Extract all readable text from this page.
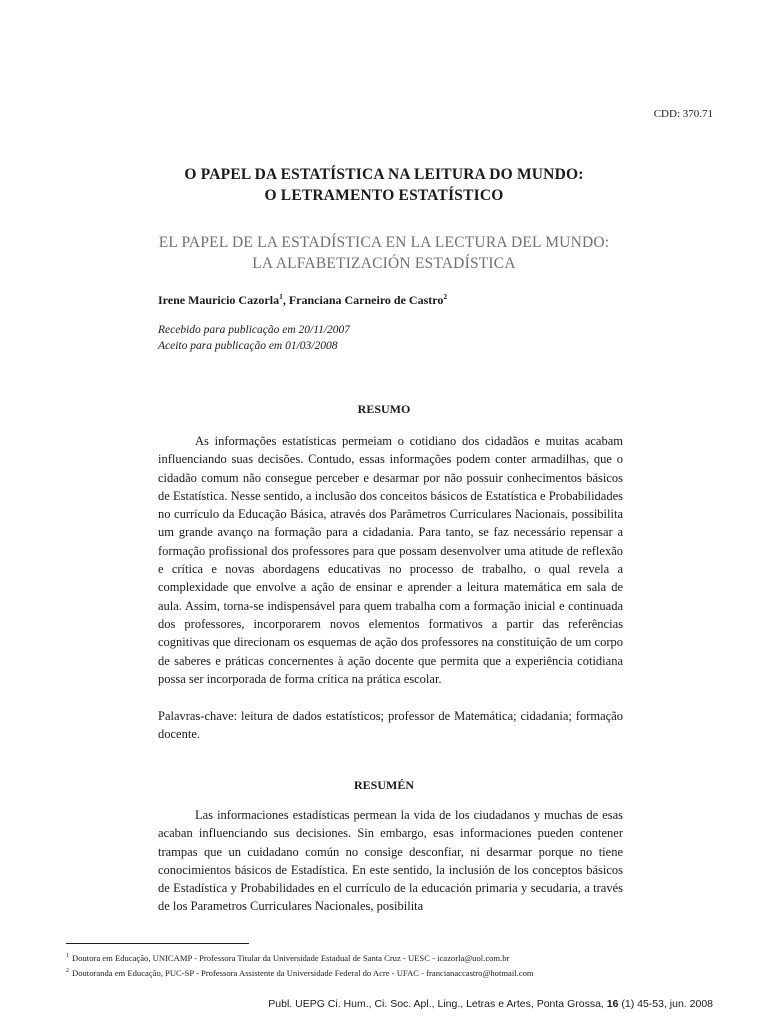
CDD: 370.71
O PAPEL DA ESTATÍSTICA NA LEITURA DO MUNDO:
O LETRAMENTO ESTATÍSTICO
EL PAPEL DE LA ESTADÍSTICA EN LA LECTURA DEL MUNDO:
LA ALFABETIZACIÓN ESTADÍSTICA
Irene Mauricio Cazorla$^1$, Franciana Carneiro de Castro$^2$
Recebido para publicação em 20/11/2007
Aceito para publicação em 01/03/2008
RESUMO

As informações estatísticas permeiam o cotidiano dos cidadãos e muitas acabam influenciando suas decisões. Contudo, essas informações podem conter armadilhas, que o cidadão comum não consegue perceber e desarmar por não possuir conhecimentos básicos de Estatística. Nesse sentido, a inclusão dos conceitos básicos de Estatística e Probabilidades no currículo da Educação Básica, através dos Parâmetros Curriculares Nacionais, possibilita um grande avanço na formação para a cidadania. Para tanto, se faz necessário repensar a formação profissional dos professores para que possam desenvolver uma atitude de reflexão e crítica e novas abordagens educativas no processo de trabalho, o qual revela a complexidade que envolve a ação de ensinar e aprender a leitura matemática em sala de aula. Assim, torna-se indispensável para quem trabalha com a formação inicial e continuada dos professores, incorporarem novos elementos formativos a partir das referências cognitivas que direcionam os esquemas de ação dos professores na constituição de um corpo de saberes e práticas concernentes à ação docente que permita que a experiência cotidiana possa ser incorporada de forma crítica na prática escolar.

Palavras-chave: leitura de dados estatísticos; professor de Matemática; cidadania; formação docente.

RESUMÉN

Las informaciones estadísticas permean la vida de los ciudadanos y muchas de esas acaban influenciando sus decisiones. Sin embargo, esas informaciones pueden contener trampas que un cuidadano común no consige desconfiar, ni desarmar porque no tiene conocimientos básicos de Estadística. En este sentido, la inclusión de los conceptos básicos de Estadística y Probabilidades en el currículo de la educación primaria y secudaria, a través de los Parametros Curriculares Nacionales, posibilita

$^1$ Doutora em Educação, UNICAMP - Professora Titular da Universidade Estadual de Santa Cruz - UESC - icazorla@uol.com.br
$^2$ Doutoranda em Educação, PUC-SP - Professora Assistente da Universidade Federal do Acre - UFAC - francianaccastro@hotmail.com
Publ. UEPG Ci. Hum., Ci. Soc. Apl., Ling., Letras e Artes, Ponta Grossa, 16 (1) 45-53, jun. 2008
